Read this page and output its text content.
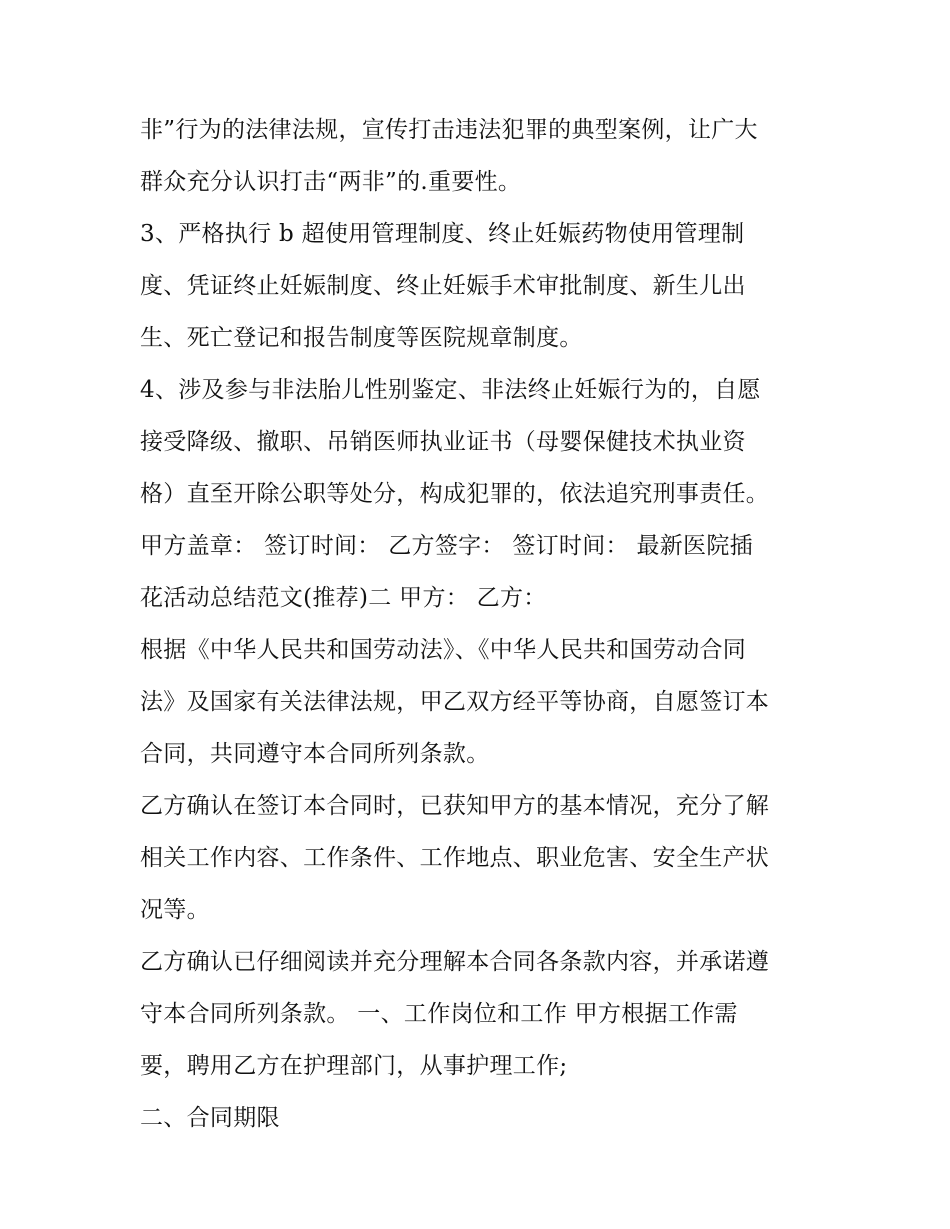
非”行为的法律法规，宣传打击违法犯罪的典型案例，让广大
群众充分认识打击“两非”的.重要性。
3、严格执行 b 超使用管理制度、终止妊娠药物使用管理制
度、凭证终止妊娠制度、终止妊娠手术审批制度、新生儿出
生、死亡登记和报告制度等医院规章制度。
4、涉及参与非法胎儿性别鉴定、非法终止妊娠行为的，自愿
接受降级、撤职、吊销医师执业证书（母婴保健技术执业资
格）直至开除公职等处分，构成犯罪的，依法追究刑事责任。
甲方盖章： 签订时间： 乙方签字： 签订时间： 最新医院插
花活动总结范文(推荐)二 甲方： 乙方：
根据《中华人民共和国劳动法》、《中华人民共和国劳动合同
法》及国家有关法律法规，甲乙双方经平等协商，自愿签订本
合同，共同遵守本合同所列条款。
乙方确认在签订本合同时，已获知甲方的基本情况，充分了解
相关工作内容、工作条件、工作地点、职业危害、安全生产状
况等。
乙方确认已仔细阅读并充分理解本合同各条款内容，并承诺遵
守本合同所列条款。 一、工作岗位和工作 甲方根据工作需
要，聘用乙方在护理部门，从事护理工作;
二、合同期限
